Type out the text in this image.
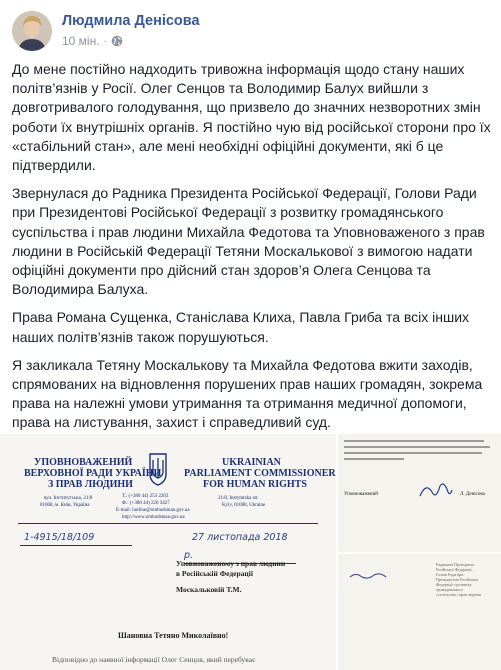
Людмила Денісова
10 мін. ·

До мене постійно надходить тривожна інформація щодо стану наших політв’язнів у Росії. Олег Сенцов та Володимир Балух вийшли з довготривалого голодування, що призвело до значних незворотних змін роботи їх внутрішніх органів. Я постійно чую від російської сторони про їх «стабільний стан», але мені необхідні офіційні документи, які б це підтвердили.

Звернулася до Радника Президента Російської Федерації, Голови Ради при Президентові Російської Федерації з розвитку громадянського суспільства і прав людини Михайла Федотова та Уповноваженого з прав людини в Російській Федерації Тетяни Москалькової з вимогою надати офіційні документи про дійсний стан здоров’я Олега Сенцова та Володимира Балуха.

Права Романа Сущенка, Станіслава Клиха, Павла Гриба та всіх інших наших політв’язнів також порушуються.

Я закликала Тетяну Москалькову та Михайла Федотова вжити заходів, спрямованих на відновлення порушених прав наших громадян, зокрема права на належні умови утримання та отримання медичної допомоги, права на листування, захист і справедливий суд.

УПОВНОВАЖЕНИЙ
ВЕРХОВНОЇ РАДИ УКРАЇНИ
З ПРАВ ЛЮДИНИ
UKRAINIAN
PARLIAMENT COMMISSIONER
FOR HUMAN RIGHTS
вул. Інститутська, 21/8
01008, м. Київ, Україна
Т.: (+380 44) 253 2203
Ф.: (+380 44) 226 3427
E-mail: hotline@ombudsman.gov.ua
http://www.ombudsman.gov.ua
21/8, Instytutska str.
Kyiv, 01008, Ukraine
1-4915/18/109	27 листопада 2018 р.
Уповноваженому з прав людини
в Російській Федерації
Москальковій Т.М.
Шановна Тетяно Миколаївно!
Відповідно до наявної інформації Олег Сенцов, який перебуває
Уповноважений	Л. Денісова
Радникові Президента
Російської Федерації,
Голові Ради при
Президентові Російської
Федерації з розвитку
громадянського
суспільства і прав людини
